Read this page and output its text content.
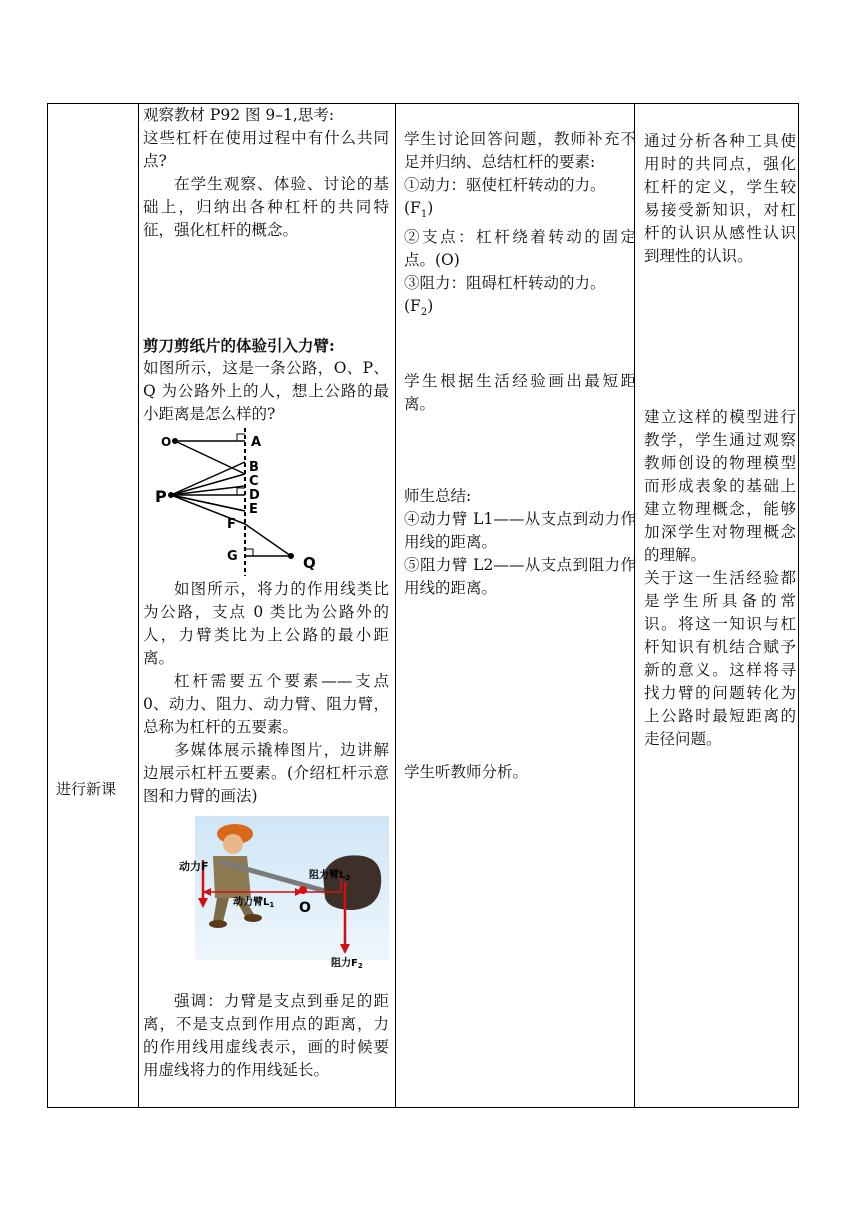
进行新课

观察教材 P92 图 9–1,思考:

这些杠杆在使用过程中有什么共同点?

在学生观察、体验、讨论的基础上，归纳出各种杠杆的共同特征，强化杠杆的概念。

剪刀剪纸片的体验引入力臂:

如图所示，这是一条公路，O、P、Q 为公路外上的人，想上公路的最小距离是怎么样的?

O
P
Q
A
B
C
D
E
F
G

如图所示，将力的作用线类比为公路，支点 0 类比为公路外的人，力臂类比为上公路的最小距离。

杠杆需要五个要素——支点 0、动力、阻力、动力臂、阻力臂，总称为杠杆的五要素。

多媒体展示撬棒图片，边讲解边展示杠杆五要素。(介绍杠杆示意图和力臂的画法)

动力F
动力臂$L_1$
阻力臂$L_2$
O
阻力$F_2$

强调：力臂是支点到垂足的距离，不是支点到作用点的距离，力的作用线用虚线表示，画的时候要用虚线将力的作用线延长。

学生讨论回答问题，教师补充不足并归纳、总结杠杆的要素:

①动力：驱使杠杆转动的力。

$(F_1)$

②支点：杠杆绕着转动的固定点。(O)

③阻力：阻碍杠杆转动的力。

$(F_2)$

学生根据生活经验画出最短距离。

师生总结:

④动力臂 L1——从支点到动力作用线的距离。

⑤阻力臂 L2——从支点到阻力作用线的距离。

学生听教师分析。

通过分析各种工具使用时的共同点，强化杠杆的定义，学生较易接受新知识，对杠杆的认识从感性认识到理性的认识。

建立这样的模型进行教学，学生通过观察教师创设的物理模型而形成表象的基础上建立物理概念，能够加深学生对物理概念的理解。

关于这一生活经验都是学生所具备的常识。将这一知识与杠杆知识有机结合赋予新的意义。这样将寻找力臂的问题转化为上公路时最短距离的走径问题。
